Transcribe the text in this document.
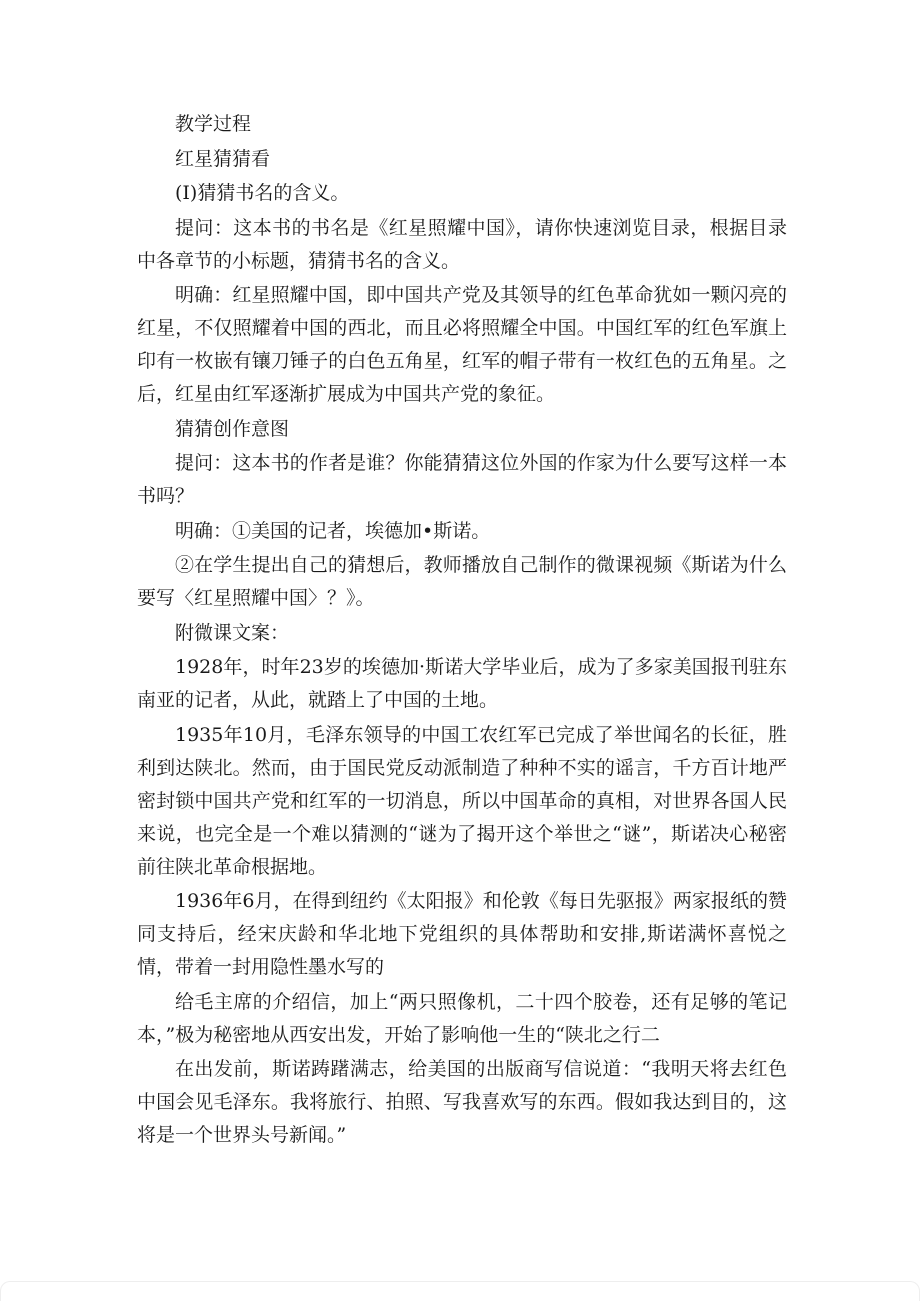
教学过程

红星猜猜看

(I)猜猜书名的含义。

提问：这本书的书名是《红星照耀中国》，请你快速浏览目录，根据目录中各章节的小标题，猜猜书名的含义。

明确：红星照耀中国，即中国共产党及其领导的红色革命犹如一颗闪亮的红星，不仅照耀着中国的西北，而且必将照耀全中国。中国红军的红色军旗上印有一枚嵌有镶刀锤子的白色五角星，红军的帽子带有一枚红色的五角星。之后，红星由红军逐渐扩展成为中国共产党的象征。

猜猜创作意图

提问：这本书的作者是谁？你能猜猜这位外国的作家为什么要写这样一本书吗？

明确：①美国的记者，埃德加•斯诺。

②在学生提出自己的猜想后，教师播放自己制作的微课视频《斯诺为什么要写〈红星照耀中国〉？》。

附微课文案：

1928年，时年23岁的埃德加·斯诺大学毕业后，成为了多家美国报刊驻东南亚的记者，从此，就踏上了中国的土地。

1935年10月，毛泽东领导的中国工农红军已完成了举世闻名的长征，胜利到达陕北。然而，由于国民党反动派制造了种种不实的谣言，千方百计地严密封锁中国共产党和红军的一切消息，所以中国革命的真相，对世界各国人民来说，也完全是一个难以猜测的“谜为了揭开这个举世之“谜”，斯诺决心秘密前往陕北革命根据地。

1936年6月，在得到纽约《太阳报》和伦敦《每日先驱报》两家报纸的赞同支持后，经宋庆龄和华北地下党组织的具体帮助和安排,斯诺满怀喜悦之情，带着一封用隐性墨水写的

给毛主席的介绍信，加上“两只照像机，二十四个胶卷，还有足够的笔记本，”极为秘密地从西安出发，开始了影响他一生的“陕北之行二

在出发前，斯诺踌躇满志，给美国的出版商写信说道：“我明天将去红色中国会见毛泽东。我将旅行、拍照、写我喜欢写的东西。假如我达到目的，这将是一个世界头号新闻。”
